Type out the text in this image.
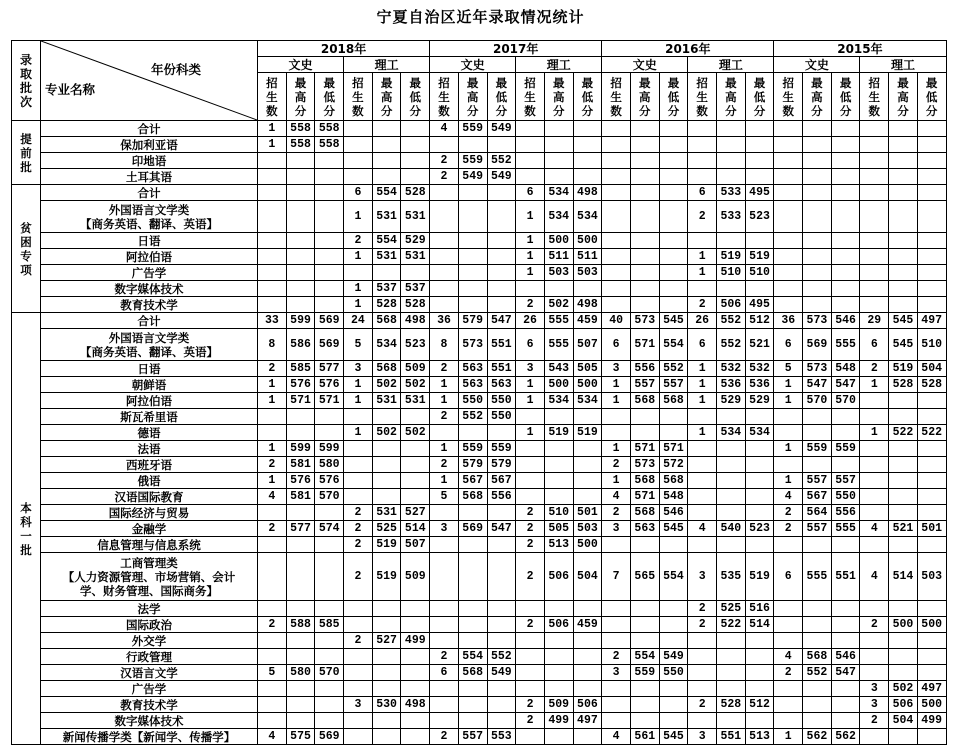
宁夏自治区近年录取情况统计
录
取
批
次	年份科类
专业名称	2018年						2017年						2016年						2015年					
		文史			理工			文史			理工			文史			理工			文史			理工		

		招
生
数	最
高
分	最
低
分	招
生
数	最
高
分	最
低
分	招
生
数	最
高
分	最
低
分	招
生
数	最
高
分	最
低
分	招
生
数	最
高
分	最
低
分	招
生
数	最
高
分	最
低
分	招
生
数	最
高
分	最
低
分	招
生
数	最
高
分	最
低
分

提
前
批	合计	1	558	558				4	559	549															
	保加利亚语	1	558	558																					
	印地语							2	559	552															
	土耳其语							2	549	549															

贫
困
专
项	合计				6	554	528				6	534	498				6	533	495						
	外国语言文学类
【商务英语、翻译、英语】				1	531	531				1	534	534				2	533	523						
	日语				2	554	529				1	500	500												
	阿拉伯语				1	531	531				1	511	511				1	519	519						
	广告学										1	503	503				1	510	510						
	数字媒体技术				1	537	537																		
	教育技术学				1	528	528				2	502	498				2	506	495						

本
科
一
批	合计	33	599	569	24	568	498	36	579	547	26	555	459	40	573	545	26	552	512	36	573	546	29	545	497
	外国语言文学类
【商务英语、翻译、英语】	8	586	569	5	534	523	8	573	551	6	555	507	6	571	554	6	552	521	6	569	555	6	545	510
	日语	2	585	577	3	568	509	2	563	551	3	543	505	3	556	552	1	532	532	5	573	548	2	519	504
	朝鲜语	1	576	576	1	502	502	1	563	563	1	500	500	1	557	557	1	536	536	1	547	547	1	528	528
	阿拉伯语	1	571	571	1	531	531	1	550	550	1	534	534	1	568	568	1	529	529	1	570	570			
	斯瓦希里语							2	552	550															
	德语				1	502	502				1	519	519				1	534	534				1	522	522
	法语	1	599	599				1	559	559				1	571	571				1	559	559			
	西班牙语	2	581	580				2	579	579				2	573	572									
	俄语	1	576	576				1	567	567				1	568	568				1	557	557			
	汉语国际教育	4	581	570				5	568	556				4	571	548				4	567	550			
	国际经济与贸易				2	531	527				2	510	501	2	568	546				2	564	556			
	金融学	2	577	574	2	525	514	3	569	547	2	505	503	3	563	545	4	540	523	2	557	555	4	521	501
	信息管理与信息系统				2	519	507				2	513	500												
	工商管理类
【人力资源管理、市场营销、会计
学、财务管理、国际商务】				2	519	509				2	506	504	7	565	554	3	535	519	6	555	551	4	514	503
	法学																2	525	516						
	国际政治	2	588	585							2	506	459				2	522	514				2	500	500
	外交学				2	527	499																		
	行政管理							2	554	552				2	554	549				4	568	546			
	汉语言文学	5	580	570				6	568	549				3	559	550				2	552	547			
	广告学																						3	502	497
	教育技术学				3	530	498				2	509	506				2	528	512				3	506	500
	数字媒体技术										2	499	497										2	504	499
	新闻传播学类【新闻学、传播学】	4	575	569				2	557	553				4	561	545	3	551	513	1	562	562			
